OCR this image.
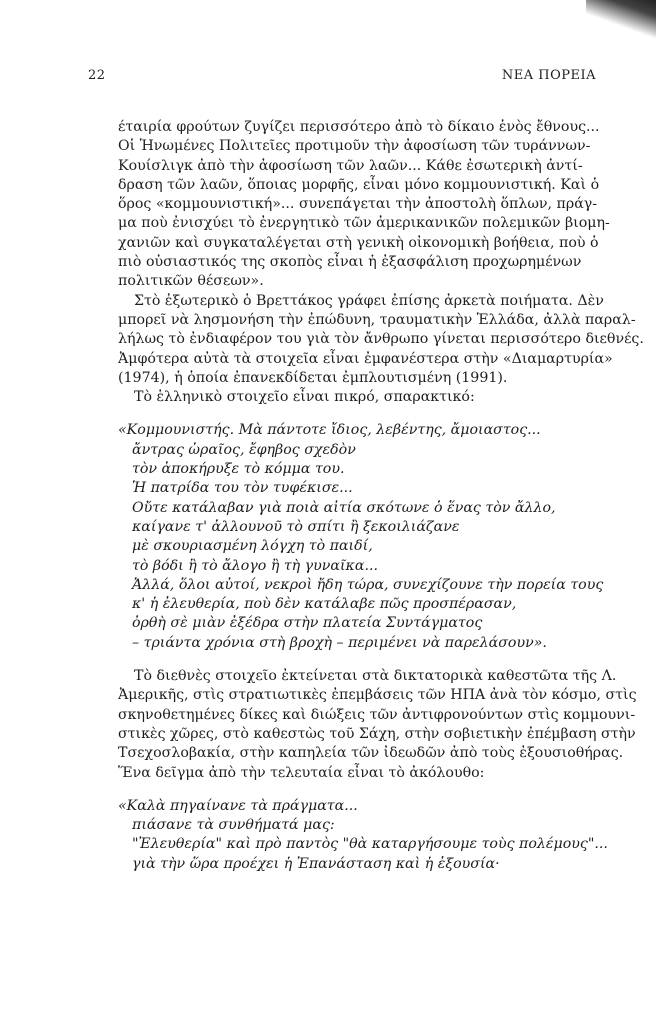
22	ΝΕΑ ΠΟΡΕΙΑ
έταιρία φρούτων ζυγίζει περισσότερο ἀπὸ τὸ δίκαιο ἑνὸς ἔθνους...
Οἱ Ἡνωμένες Πολιτεῖες προτιμοῦν τὴν ἀφοσίωση τῶν τυράννων-
Κουίσλιγκ ἀπὸ τὴν ἀφοσίωση τῶν λαῶν... Κάθε ἐσωτερικὴ ἀντί-
δραση τῶν λαῶν, ὅποιας μορφῆς, εἶναι μόνο κομμουνιστική. Καὶ ὁ
ὅρος «κομμουνιστική»... συνεπάγεται τὴν ἀποστολὴ ὅπλων, πράγ-
μα ποὺ ἐνισχύει τὸ ἐνεργητικὸ τῶν ἀμερικανικῶν πολεμικῶν βιομη-
χανιῶν καὶ συγκαταλέγεται στὴ γενικὴ οἰκονομικὴ βοήθεια, ποὺ ὁ
πιὸ οὐσιαστικός της σκοπὸς εἶναι ἡ ἐξασφάλιση προχωρημένων
πολιτικῶν θέσεων».
Στὸ ἐξωτερικὸ ὁ Βρεττάκος γράφει ἐπίσης ἀρκετὰ ποιήματα. Δὲν
μπορεῖ νὰ λησμονήση τὴν ἐπώδυνη, τραυματικὴν Ἑλλάδα, ἀλλὰ παραλ-
λήλως τὸ ἐνδιαφέρον του γιὰ τὸν ἄνθρωπο γίνεται περισσότερο διεθνές.
Ἀμφότερα αὐτὰ τὰ στοιχεῖα εἶναι ἐμφανέστερα στὴν «Διαμαρτυρία»
(1974), ἡ ὁποία ἐπανεκδίδεται ἐμπλουτισμένη (1991).
Τὸ ἑλληνικὸ στοιχεῖο εἶναι πικρό, σπαρακτικό:
«Κομμουνιστής. Μὰ πάντοτε ἴδιος, λεβέντης, ἄμοιαστος...
ἄντρας ὡραῖος, ἔφηβος σχεδὸν
τὸν ἀποκήρυξε τὸ κόμμα του.
Ἡ πατρίδα του τὸν τυφέκισε...
Οὔτε κατάλαβαν γιὰ ποιὰ αἰτία σκότωνε ὁ ἕνας τὸν ἄλλο,
καίγανε τ' ἀλλουνοῦ τὸ σπίτι ἢ ξεκοιλιάζανε
μὲ σκουριασμένη λόγχη τὸ παιδί,
τὸ βόδι ἢ τὸ ἄλογο ἢ τὴ γυναῖκα...
Ἀλλά, ὅλοι αὐτοί, νεκροὶ ἤδη τώρα, συνεχίζουνε τὴν πορεία τους
κ' ἡ ἐλευθερία, ποὺ δὲν κατάλαβε πῶς προσπέρασαν,
ὀρθὴ σὲ μιὰν ἐξέδρα στὴν πλατεία Συντάγματος
– τριάντα χρόνια στὴ βροχὴ – περιμένει νὰ παρελάσουν».
Τὸ διεθνὲς στοιχεῖο ἐκτείνεται στὰ δικτατορικὰ καθεστῶτα τῆς Λ.
Ἀμερικῆς, στὶς στρατιωτικὲς ἐπεμβάσεις τῶν ΗΠΑ ἀνὰ τὸν κόσμο, στὶς
σκηνοθετημένες δίκες καὶ διώξεις τῶν ἀντιφρονούντων στὶς κομμουνι-
στικὲς χῶρες, στὸ καθεστὼς τοῦ Σάχη, στὴν σοβιετικὴν ἐπέμβαση στὴν
Τσεχοσλοβακία, στὴν καπηλεία τῶν ἰδεωδῶν ἀπὸ τοὺς ἐξουσιοθήρας.
Ἕνα δεῖγμα ἀπὸ τὴν τελευταία εἶναι τὸ ἀκόλουθο:
«Καλὰ πηγαίνανε τὰ πράγματα...
πιάσανε τὰ συνθήματά μας:
"Ἐλευθερία" καὶ πρὸ παντὸς "θὰ καταργήσουμε τοὺς πολέμους"...
γιὰ τὴν ὥρα προέχει ἡ Ἐπανάσταση καὶ ἡ ἐξουσία·
